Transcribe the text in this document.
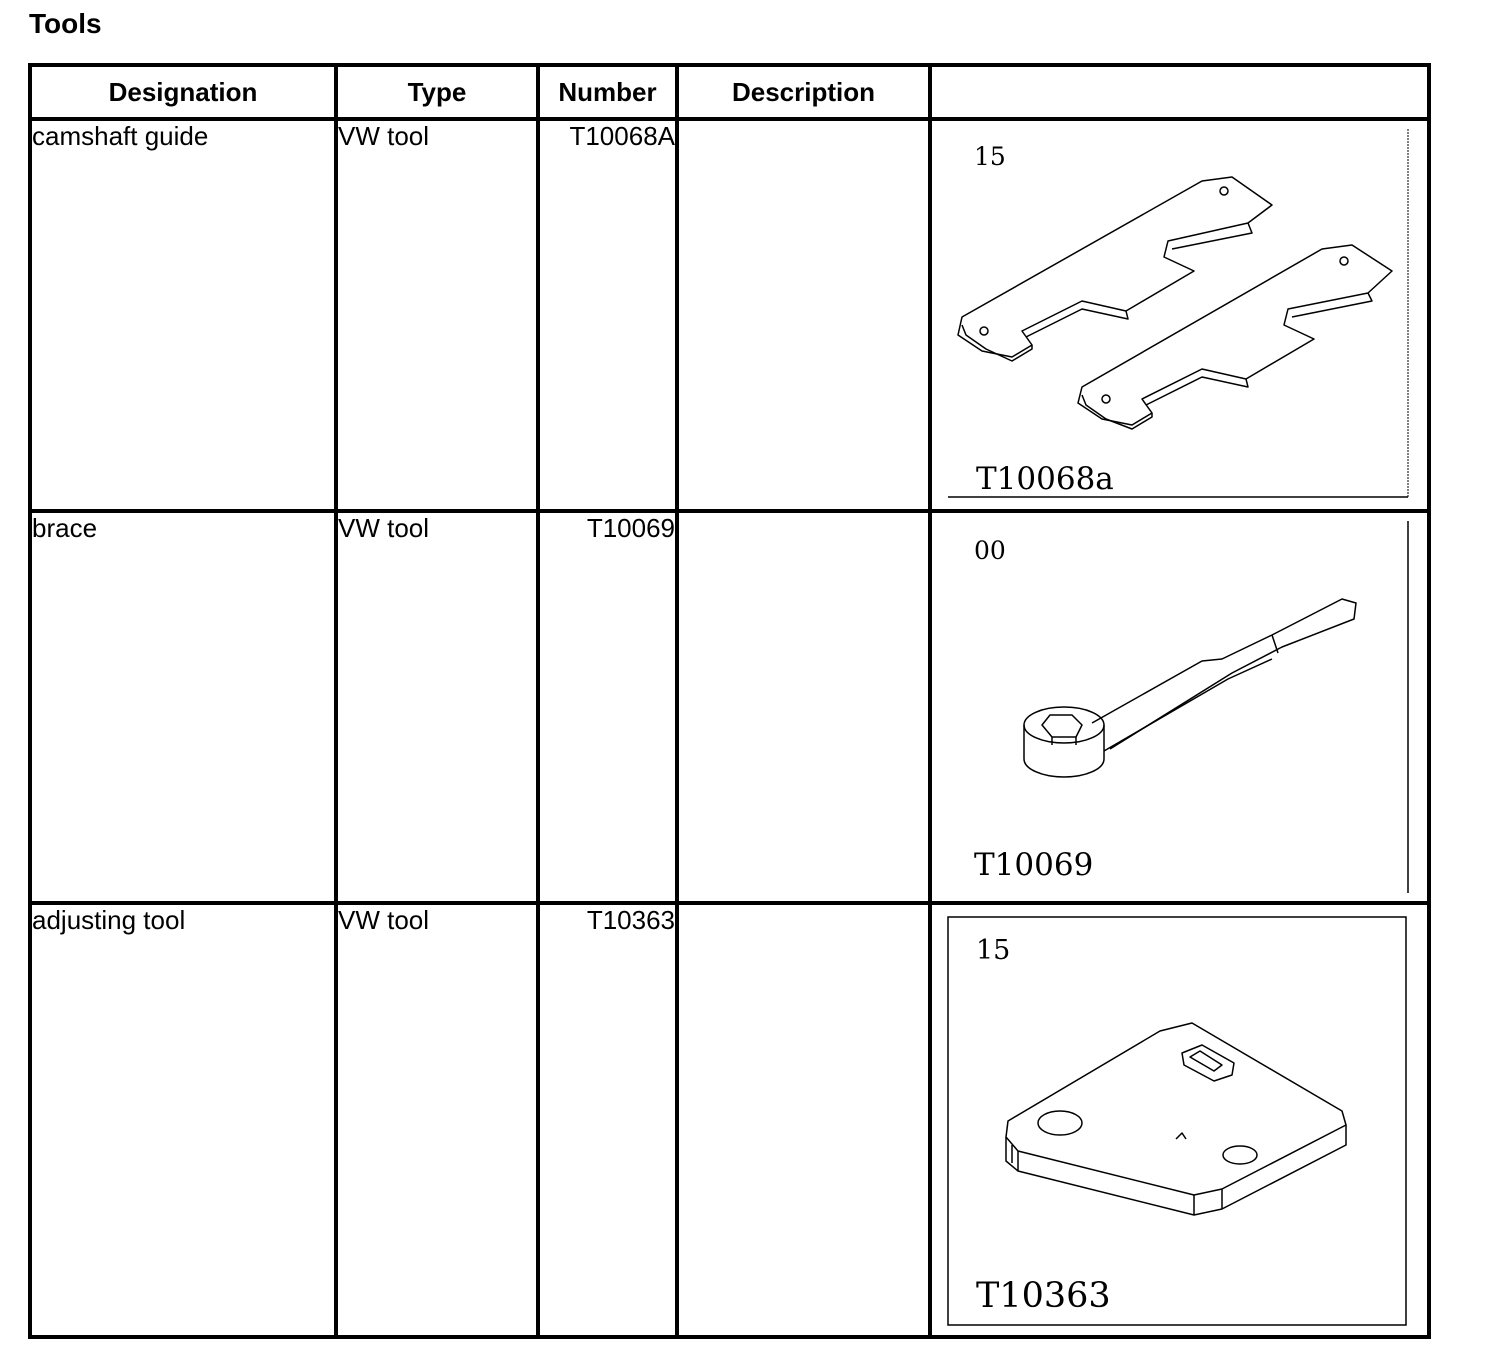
Tools
Designation	Type	Number	Description	
camshaft guide	VW tool	T10068A		15
T10068a

brace	VW tool	T10069		00
T10069

adjusting tool	VW tool	T10363		15
T10363
